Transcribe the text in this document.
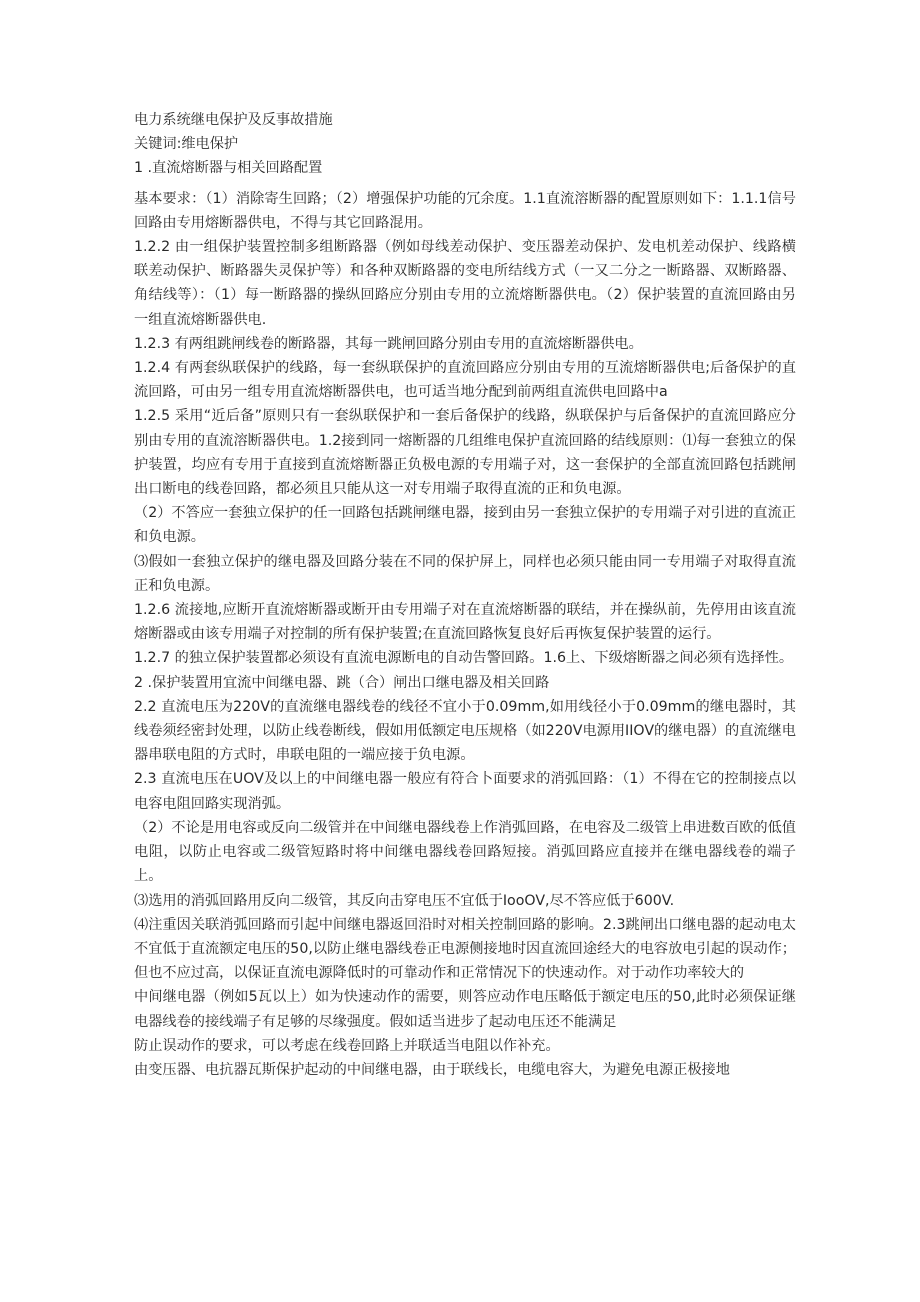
电力系统继电保护及反事故措施

关键词:维电保护

1 .直流熔断器与相关回路配置

基本要求：（1）消除寄生回路；（2）增强保护功能的冗余度。1.1直流溶断器的配置原则如下：1.1.1信号回路由专用熔断器供电，不得与其它回路混用。

1.2.2 由一组保护装置控制多组断路器（例如母线差动保护、变压器差动保护、发电机差动保护、线路横联差动保护、断路器失灵保护等）和各种双断路器的变电所结线方式（一又二分之一断路器、双断路器、角结线等）：（1）每一断路器的操纵回路应分别由专用的立流熔断器供电。（2）保护装置的直流回路由另一组直流熔断器供电.

1.2.3 有两组跳闸线卷的断路器，其每一跳闸回路分别由专用的直流熔断器供电。

1.2.4 有两套纵联保护的线路，每一套纵联保护的直流回路应分别由专用的互流熔断器供电;后备保护的直流回路，可由另一组专用直流熔断器供电，也可适当地分配到前两组直流供电回路中a

1.2.5 采用“近后备”原则只有一套纵联保护和一套后备保护的线路，纵联保护与后备保护的直流回路应分别由专用的直流溶断器供电。1.2接到同一熔断器的几组维电保护直流回路的结线原则：⑴每一套独立的保护装置，均应有专用于直接到直流熔断器正负极电源的专用端子对，这一套保护的全部直流回路包括跳闸出口断电的线卷回路，都必须且只能从这一对专用端子取得直流的正和负电源。

（2）不答应一套独立保护的任一回路包括跳闸继电器，接到由另一套独立保护的专用端子对引进的直流正和负电源。

⑶假如一套独立保护的继电器及回路分装在不同的保护屏上，同样也必须只能由同一专用端子对取得直流正和负电源。

1.2.6 流接地,应断开直流熔断器或断开由专用端子对在直流熔断器的联结，并在操纵前，先停用由该直流熔断器或由该专用端子对控制的所有保护装置;在直流回路恢复良好后再恢复保护装置的运行。

1.2.7 的独立保护装置都必须设有直流电源断电的自动告警回路。1.6上、下级熔断器之间必须有选择性。

2 .保护装置用宜流中间继电器、跳（合）闸出口继电器及相关回路

2.2 直流电压为220V的直流继电器线卷的线径不宜小于0.09mm,如用线径小于0.09mm的继电器时，其线卷须经密封处理，以防止线卷断线，假如用低额定电压规格（如220V电源用IIOV的继电器）的直流继电器串联电阻的方式时，串联电阻的一端应接于负电源。

2.3 直流电压在UOV及以上的中间继电器一般应有符合卜面要求的消弧回路：（1）不得在它的控制接点以电容电阻回路实现消弧。

（2）不论是用电容或反向二级管并在中间继电器线卷上作消弧回路，在电容及二级管上串进数百欧的低值电阻，以防止电容或二级管短路时将中间继电器线卷回路短接。消弧回路应直接并在继电器线卷的端子上。

⑶选用的消弧回路用反向二级管，其反向击穿电压不宜低于IooOV,尽不答应低于600V.

⑷注重因关联消弧回路而引起中间继电器返回沿时对相关控制回路的影响。2.3跳闸出口继电器的起动电太不宜低于直流额定电压的50,以防止继电器线卷正电源侧接地时因直流回途经大的电容放电引起的误动作；但也不应过高，以保证直流电源降低时的可靠动作和正常情况下的快速动作。对于动作功率较大的

中间继电器（例如5瓦以上）如为快速动作的需要，则答应动作电压略低于额定电压的50,此时必须保证继电器线卷的接线端子有足够的尽缘强度。假如适当进步了起动电压还不能满足

防止误动作的要求，可以考虑在线卷回路上并联适当电阻以作补充。

由变压器、电抗器瓦斯保护起动的中间继电器，由于联线长，电缆电容大，为避免电源正极接地
